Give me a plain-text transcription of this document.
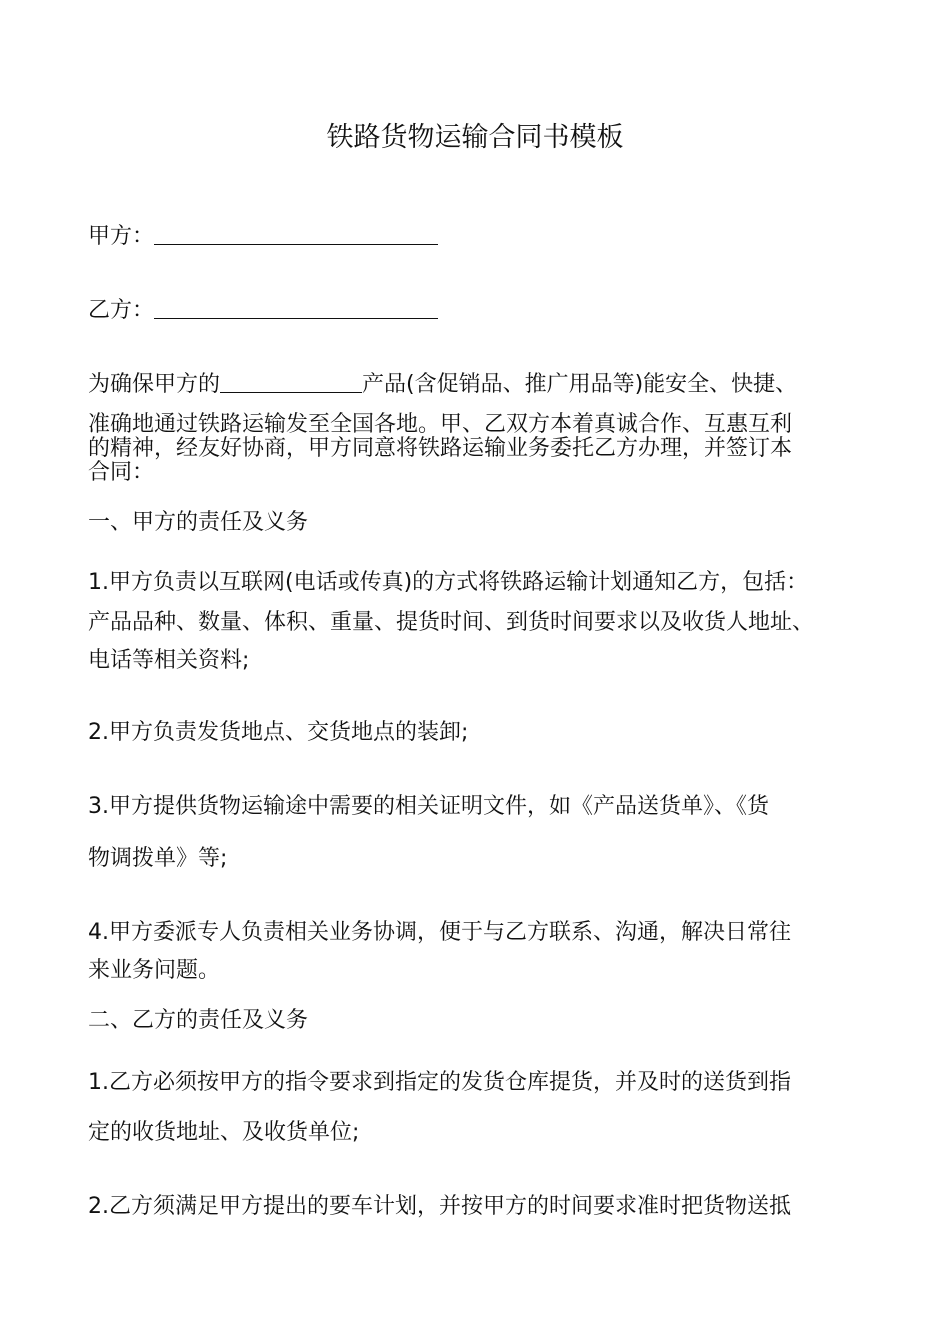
铁路货物运输合同书模板
甲方：
乙方：
为确保甲方的	产品(含促销品、推广用品等)能安全、快捷、
准确地通过铁路运输发至全国各地。甲、乙双方本着真诚合作、互惠互利
的精神，经友好协商，甲方同意将铁路运输业务委托乙方办理，并签订本
合同：
一、甲方的责任及义务
1.甲方负责以互联网(电话或传真)的方式将铁路运输计划通知乙方，包括：
产品品种、数量、体积、重量、提货时间、到货时间要求以及收货人地址、
电话等相关资料;
2.甲方负责发货地点、交货地点的装卸;
3.甲方提供货物运输途中需要的相关证明文件，如《产品送货单》、《货
物调拨单》等;
4.甲方委派专人负责相关业务协调，便于与乙方联系、沟通，解决日常往
来业务问题。
二、乙方的责任及义务
1.乙方必须按甲方的指令要求到指定的发货仓库提货，并及时的送货到指
定的收货地址、及收货单位;
2.乙方须满足甲方提出的要车计划，并按甲方的时间要求准时把货物送抵
